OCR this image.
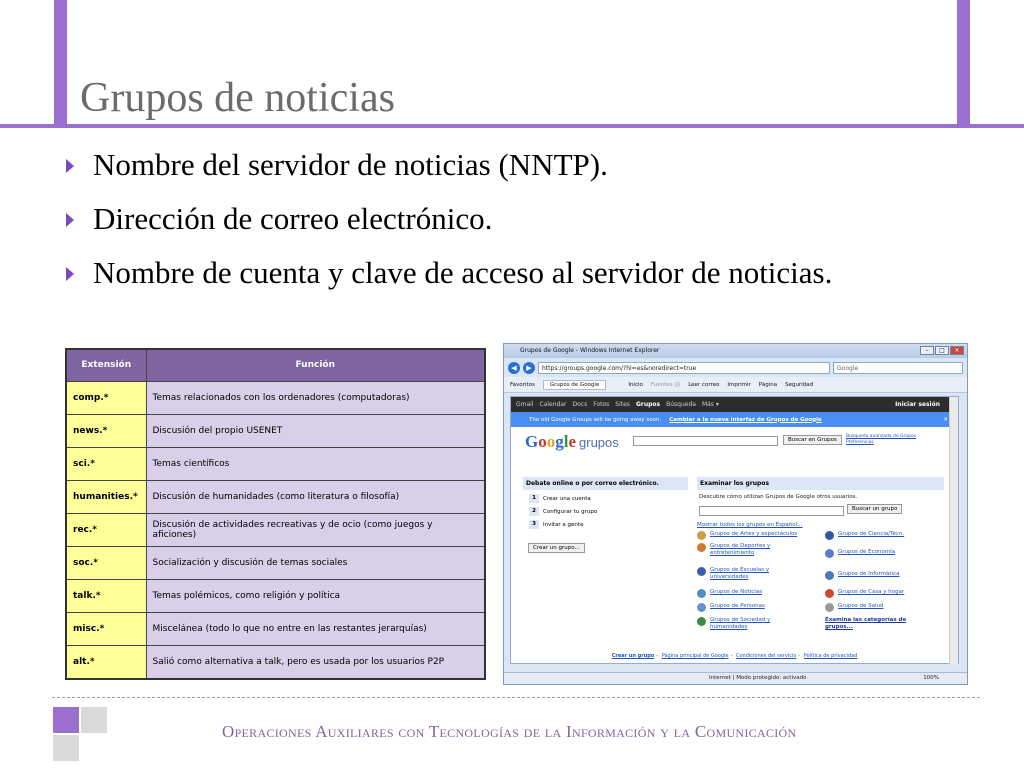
Grupos de noticias
Nombre del servidor de noticias (NNTP).
Dirección de correo electrónico.
Nombre de cuenta y clave de acceso al servidor de noticias.
Extensión	Función
comp.*	Temas relacionados con los ordenadores (computadoras)
news.*	Discusión del propio USENET
sci.*	Temas científicos
humanities.*	Discusión de humanidades (como literatura o filosofía)
rec.*	Discusión de actividades recreativas y de ocio (como juegos y aficiones)
soc.*	Socialización y discusión de temas sociales
talk.*	Temas polémicos, como religión y política
misc.*	Miscelánea (todo lo que no entre en las restantes jerarquías)
alt.*	Salió como alternativa a talk, pero es usada por los usuarios P2P
Grupos de Google - Windows Internet Explorer	–	□	✕
◀	▶	https://groups.google.com/?hl=es&noredirect=true	Google
Favoritos	Grupos de Google	Inicio Fuentes (J) Leer correo Imprimir Página Seguridad
Gmail Calendar Docs Fotos Sites Grupos Búsqueda Más ▾	Iniciar sesión
The old Google Groups will be going away soon. Cambiar a la nueva interfaz de Grupos de Google	✕
Google grupos	Buscar en Grupos
Búsqueda avanzada de Grupos
Preferencias
Debate online o por correo electrónico.
1	Crear una cuenta
2	Configurar tu grupo
3	Invitar a gente
Crear un grupo...
Examinar los grupos
Descubre cómo utilizan Grupos de Google otros usuarios.
Buscar un grupo
Mostrar todos los grupos en Español...
Grupos de Artes y espectáculos
Grupos de Deportes y entretenimiento
Grupos de Escuelas y universidades
Grupos de Noticias
Grupos de Personas
Grupos de Sociedad y humanidades
Grupos de Ciencia/Tecn.
Grupos de Economía
Grupos de Informática
Grupos de Casa y hogar
Grupos de Salud
Examina las categorías de grupos...
Crear un grupo - Página principal de Google - Condiciones del servicio - Política de privacidad
Internet | Modo protegido: activado	100%
Operaciones Auxiliares con Tecnologías de la Información y la Comunicación
